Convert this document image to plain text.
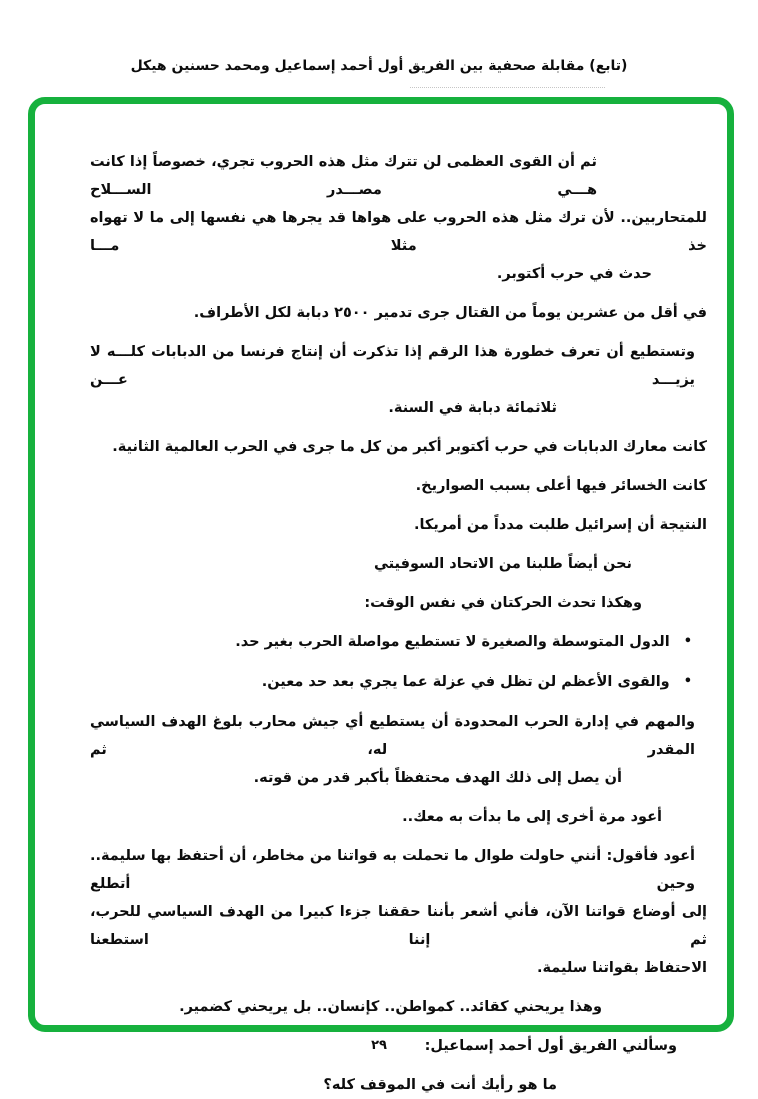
(تابع) مقابلة صحفية بين الفريق أول أحمد إسماعيل ومحمد حسنين هيكل
ثم أن القوى العظمى لن تترك مثل هذه الحروب تجري، خصوصاً إذا كانت هـــي مصـــدر الســـلاح
للمتحاربين.. لأن ترك مثل هذه الحروب على هواها قد يجرها هي نفسها إلى ما لا تهواه خذ مثلا مـــا
حدث في حرب أكتوبر.
في أقل من عشرين يوماً من القتال جرى تدمير ٢٥٠٠ دبابة لكل الأطراف.
وتستطيع أن تعرف خطورة هذا الرقم إذا تذكرت أن إنتاج فرنسا من الدبابات كلـــه لا يزيـــد عـــن
ثلاثمائة دبابة في السنة.
كانت معارك الدبابات في حرب أكتوبر أكبر من كل ما جرى في الحرب العالمية الثانية.
كانت الخسائر فيها أعلى بسبب الصواريخ.
النتيجة أن إسرائيل طلبت مدداً من أمريكا.
نحن أيضاً طلبنا من الاتحاد السوفيتي
وهكذا تحدث الحركتان في نفس الوقت:
•الدول المتوسطة والصغيرة لا تستطيع مواصلة الحرب بغير حد.
•والقوى الأعظم لن تظل في عزلة عما يجري بعد حد معين.
والمهم في إدارة الحرب المحدودة أن يستطيع أي جيش محارب بلوغ الهدف السياسي المقدر له، ثم
أن يصل إلى ذلك الهدف محتفظاً بأكبر قدر من قوته.
أعود مرة أخرى إلى ما بدأت به معك..
أعود فأقول: أنني حاولت طوال ما تحملت به قواتنا من مخاطر، أن أحتفظ بها سليمة.. وحين أتطلع
إلى أوضاع قواتنا الآن، فأني أشعر بأننا حققنا جزءا كبيرا من الهدف السياسي للحرب، ثم إننا استطعنا
الاحتفاظ بقواتنا سليمة.
وهذا يريحني كقائد.. كمواطن.. كإنسان.. بل يريحني كضمير.
وسألني الفريق أول أحمد إسماعيل:
ما هو رأيك أنت في الموقف كله؟
٢٩
